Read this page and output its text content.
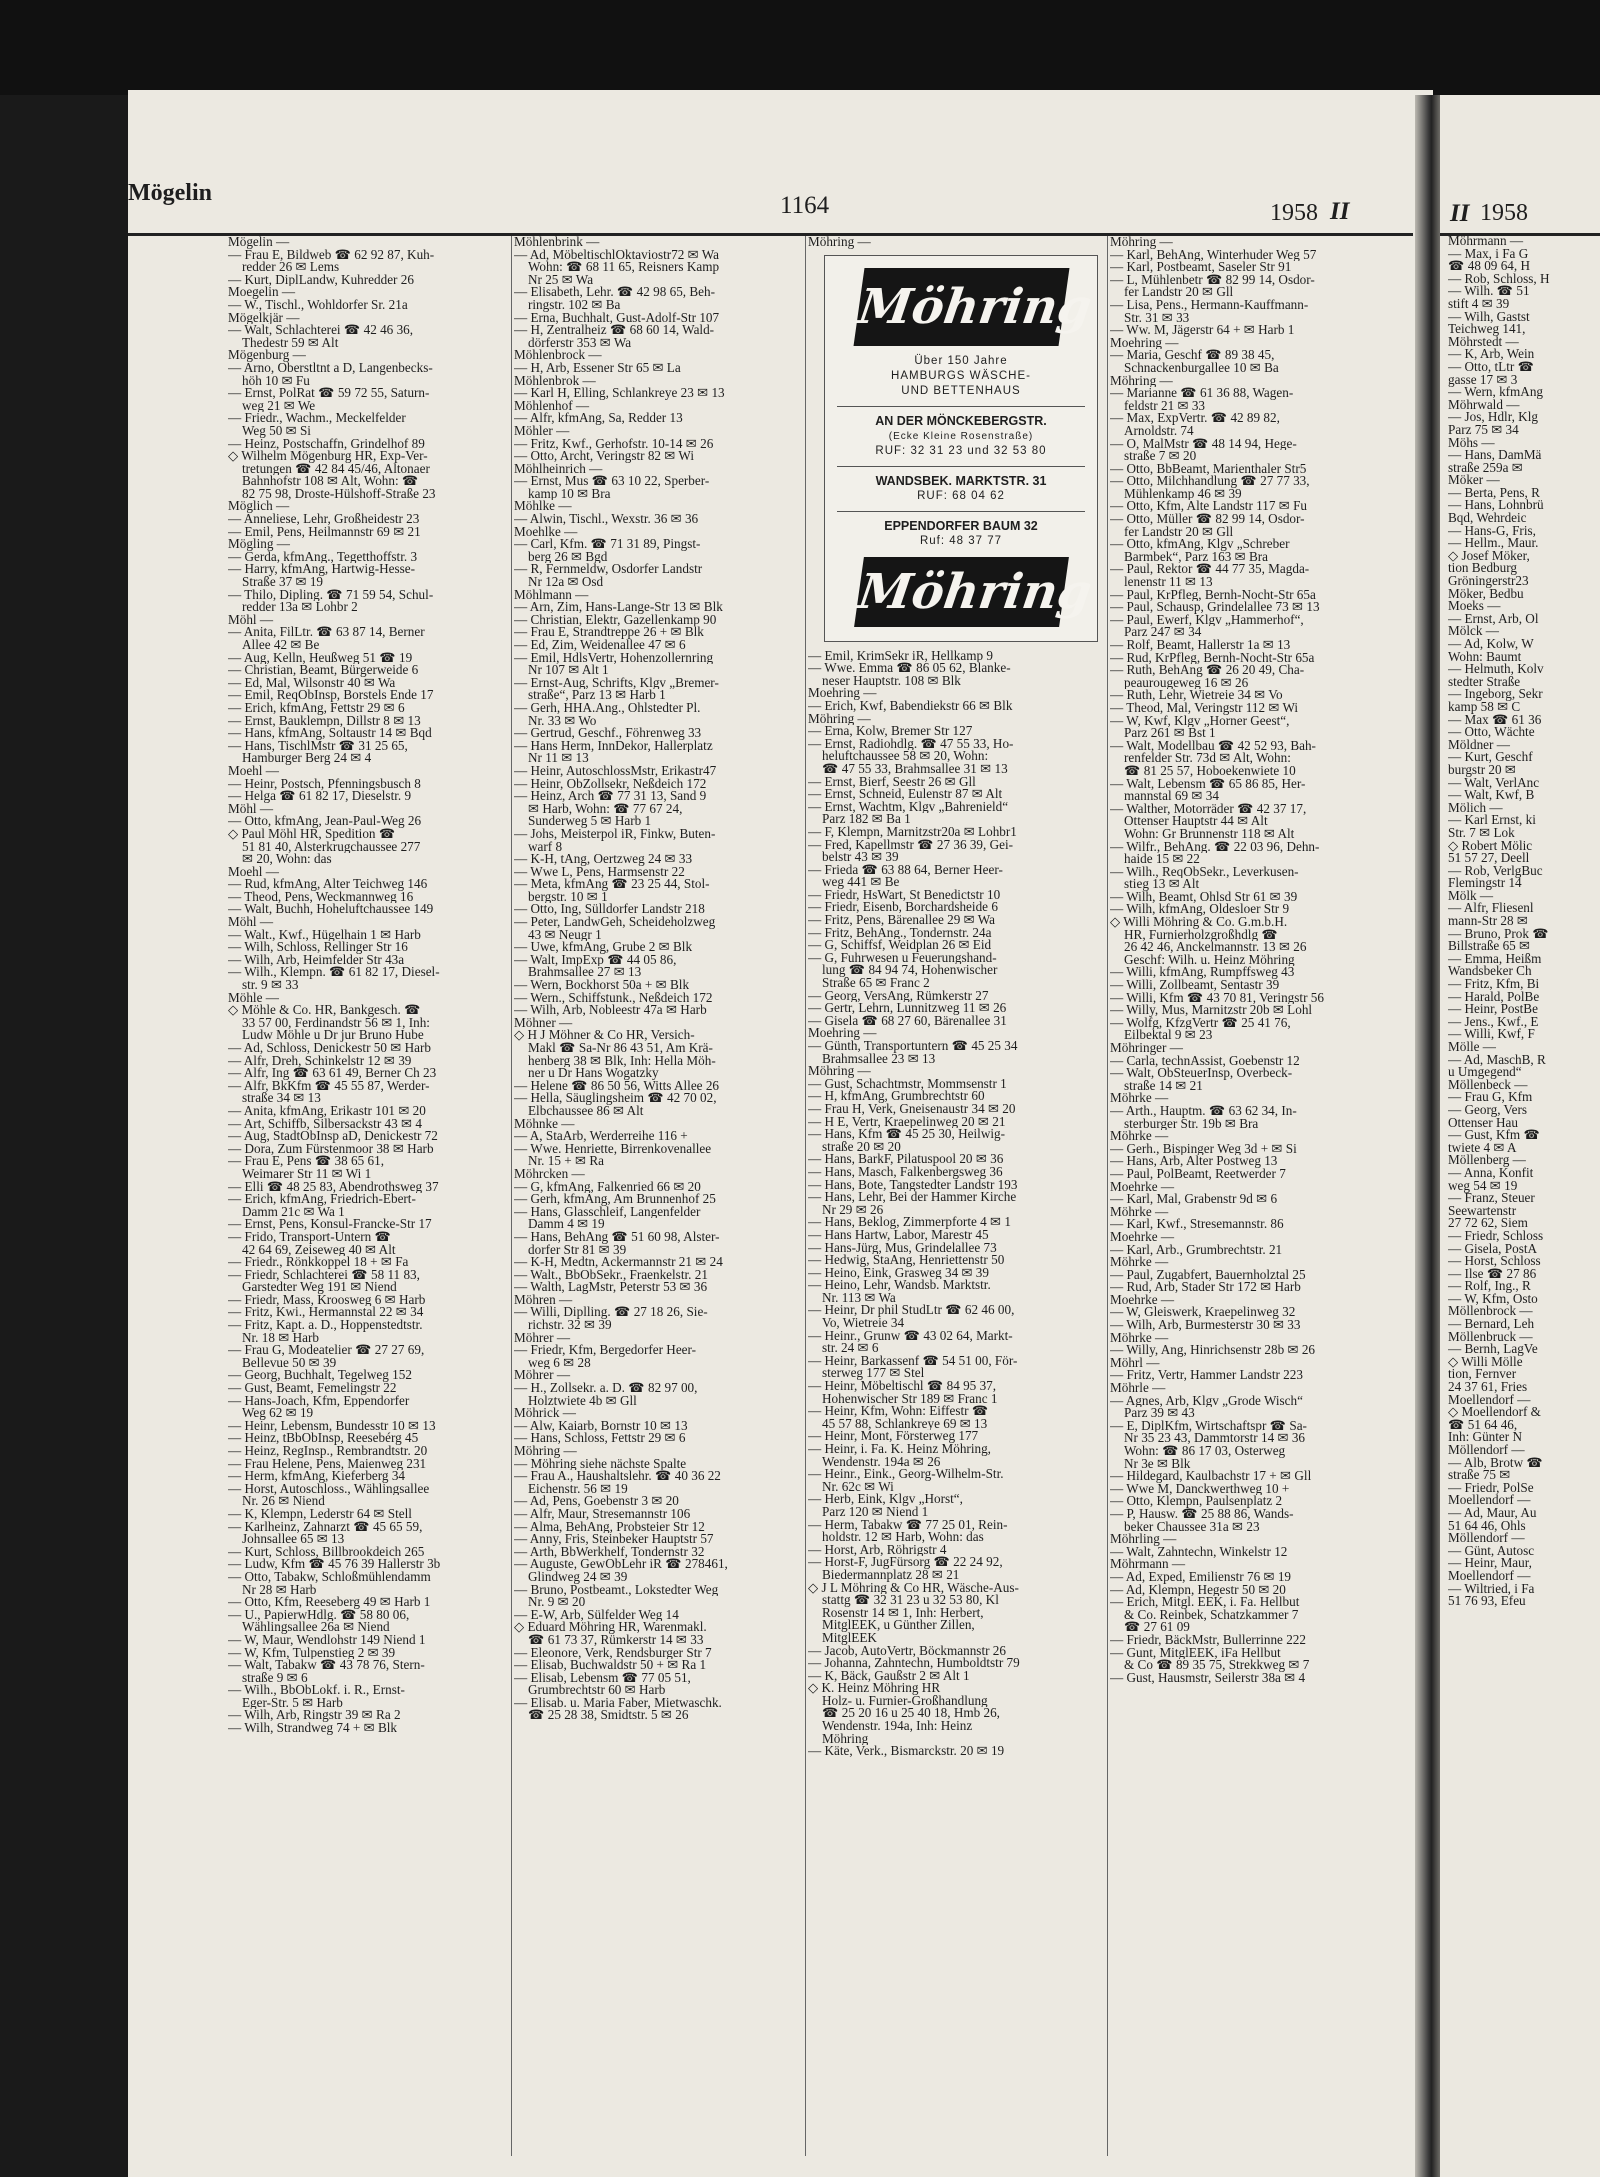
Mögelin	1164	1958 II
Mögelin —
— Frau E, Bildweb ☎ 62 92 87, Kuh-
redder 26 ✉ Lems
— Kurt, DiplLandw, Kuhredder 26
Moegelin —
— W., Tischl., Wohldorfer Sr. 21a
Mögelkjär —
— Walt, Schlachterei ☎ 42 46 36,
Thedestr 59 ✉ Alt
Mögenburg —
— Arno, Oberstltnt a D, Langenbecks-
höh 10 ✉ Fu
— Ernst, PolRat ☎ 59 72 55, Saturn-
weg 21 ✉ We
— Friedr., Wachm., Meckelfelder
Weg 50 ✉ Si
— Heinz, Postschaffn, Grindelhof 89
◇ Wilhelm Mögenburg HR, Exp-Ver-
tretungen ☎ 42 84 45/46, Altonaer
Bahnhofstr 108 ✉ Alt, Wohn: ☎
82 75 98, Droste-Hülshoff-Straße 23
Möglich —
— Anneliese, Lehr, Großheidestr 23
— Emil, Pens, Heilmannstr 69 ✉ 21
Mögling —
— Gerda, kfmAng., Tegetthoffstr. 3
— Harry, kfmAng, Hartwig-Hesse-
Straße 37 ✉ 19
— Thilo, Dipling. ☎ 71 59 54, Schul-
redder 13a ✉ Lohbr 2
Möhl —
— Anita, FilLtr. ☎ 63 87 14, Berner
Allee 42 ✉ Be
— Aug, Kelln, Heußweg 51 ☎ 19
— Christian, Beamt, Bürgerweide 6
— Ed, Mal, Wilsonstr 40 ✉ Wa
— Emil, ReqObInsp, Borstels Ende 17
— Erich, kfmAng, Fettstr 29 ✉ 6
— Ernst, Bauklempn, Dillstr 8 ✉ 13
— Hans, kfmAng, Soltaustr 14 ✉ Bqd
— Hans, TischlMstr ☎ 31 25 65,
Hamburger Berg 24 ✉ 4
Moehl —
— Heinr, Postsch, Pfenningsbusch 8
— Helga ☎ 61 82 17, Dieselstr. 9
Möhl —
— Otto, kfmAng, Jean-Paul-Weg 26
◇ Paul Möhl HR, Spedition ☎
51 81 40, Alsterkrugchaussee 277
✉ 20, Wohn: das
Moehl —
— Rud, kfmAng, Alter Teichweg 146
— Theod, Pens, Weckmannweg 16
— Walt, Buchh, Hoheluftchaussee 149
Möhl —
— Walt., Kwf., Hügelhain 1 ✉ Harb
— Wilh, Schloss, Rellinger Str 16
— Wilh, Arb, Heimfelder Str 43a
— Wilh., Klempn. ☎ 61 82 17, Diesel-
str. 9 ✉ 33
Möhle —
◇ Möhle & Co. HR, Bankgesch. ☎
33 57 00, Ferdinandstr 56 ✉ 1, Inh:
Ludw Möhle u Dr jur Bruno Hube
— Ad, Schloss, Denickestr 50 ✉ Harb
— Alfr, Dreh, Schinkelstr 12 ✉ 39
— Alfr, Ing ☎ 63 61 49, Berner Ch 23
— Alfr, BkKfm ☎ 45 55 87, Werder-
straße 34 ✉ 13
— Anita, kfmAng, Erikastr 101 ✉ 20
— Art, Schiffb, Silbersackstr 43 ✉ 4
— Aug, StadtObInsp aD, Denickestr 72
— Dora, Zum Fürstenmoor 38 ✉ Harb
— Frau E, Pens ☎ 38 65 61,
Weimarer Str 11 ✉ Wi 1
— Elli ☎ 48 25 83, Abendrothsweg 37
— Erich, kfmAng, Friedrich-Ebert-
Damm 21c ✉ Wa 1
— Ernst, Pens, Konsul-Francke-Str 17
— Frido, Transport-Untern ☎
42 64 69, Zeiseweg 40 ✉ Alt
— Friedr., Rönkkoppel 18 + ✉ Fa
— Friedr, Schlachterei ☎ 58 11 83,
Garstedter Weg 191 ✉ Niend
— Friedr, Mass, Kroosweg 6 ✉ Harb
— Fritz, Kwi., Hermannstal 22 ✉ 34
— Fritz, Kapt. a. D., Hoppenstedtstr.
Nr. 18 ✉ Harb
— Frau G, Modeatelier ☎ 27 27 69,
Bellevue 50 ✉ 39
— Georg, Buchhalt, Tegelweg 152
— Gust, Beamt, Femelingstr 22
— Hans-Joach, Kfm, Eppendorfer
Weg 62 ✉ 19
— Heinr, Lebensm, Bundesstr 10 ✉ 13
— Heinz, tBbObInsp, Reesebérg 45
— Heinz, RegInsp., Rembrandtstr. 20
— Frau Helene, Pens, Maienweg 231
— Herm, kfmAng, Kieferberg 34
— Horst, Autoschloss., Wählingsallee
Nr. 26 ✉ Niend
— K, Klempn, Lederstr 64 ✉ Stell
— Karlheinz, Zahnarzt ☎ 45 65 59,
Johnsallee 65 ✉ 13
— Kurt, Schloss, Billbrookdeich 265
— Ludw, Kfm ☎ 45 76 39 Hallerstr 3b
— Otto, Tabakw, Schloßmühlendamm
Nr 28 ✉ Harb
— Otto, Kfm, Reeseberg 49 ✉ Harb 1
— U., PapierwHdlg. ☎ 58 80 06,
Wählingsallee 26a ✉ Niend
— W, Maur, Wendlohstr 149 Niend 1
— W, Kfm, Tulpenstieg 2 ✉ 39
— Walt, Tabakw ☎ 43 78 76, Stern-
straße 9 ✉ 6
— Wilh., BbObLokf. i. R., Ernst-
Eger-Str. 5 ✉ Harb
— Wilh, Arb, Ringstr 39 ✉ Ra 2
— Wilh, Strandweg 74 + ✉ Blk
Möhlenbrink —
— Ad, MöbeltischlOktaviostr72 ✉ Wa
Wohn: ☎ 68 11 65, Reisners Kamp
Nr 25 ✉ Wa
— Elisabeth, Lehr. ☎ 42 98 65, Beh-
ringstr. 102 ✉ Ba
— Erna, Buchhalt, Gust-Adolf-Str 107
— H, Zentralheiz ☎ 68 60 14, Wald-
dörferstr 353 ✉ Wa
Möhlenbrock —
— H, Arb, Essener Str 65 ✉ La
Möhlenbrok —
— Karl H, Elling, Schlankreye 23 ✉ 13
Möhlenhof —
— Alfr, kfmAng, Sa, Redder 13
Möhler —
— Fritz, Kwf., Gerhofstr. 10-14 ✉ 26
— Otto, Archt, Veringstr 82 ✉ Wi
Möhlheinrich —
— Ernst, Mus ☎ 63 10 22, Sperber-
kamp 10 ✉ Bra
Möhlke —
— Alwin, Tischl., Wexstr. 36 ✉ 36
Moehlke —
— Carl, Kfm. ☎ 71 31 89, Pingst-
berg 26 ✉ Bgd
— R, Fernmeldw, Osdorfer Landstr
Nr 12a ✉ Osd
Möhlmann —
— Arn, Zim, Hans-Lange-Str 13 ✉ Blk
— Christian, Elektr, Gazellenkamp 90
— Frau E, Strandtreppe 26 + ✉ Blk
— Ed, Zim, Weidenallee 47 ✉ 6
— Emil, HdlsVertr, Hohenzollernring
Nr 107 ✉ Alt 1
— Ernst-Aug, Schrifts, Klgv „Bremer-
straße“, Parz 13 ✉ Harb 1
— Gerh, HHA.Ang., Ohlstedter Pl.
Nr. 33 ✉ Wo
— Gertrud, Geschf., Föhrenweg 33
— Hans Herm, InnDekor, Hallerplatz
Nr 11 ✉ 13
— Heinr, AutoschlossMstr, Erikastr47
— Heinr, ObZollsekr, Neßdeich 172
— Heinz, Arch ☎ 77 31 13, Sand 9
✉ Harb, Wohn: ☎ 77 67 24,
Sunderweg 5 ✉ Harb 1
— Johs, Meisterpol iR, Finkw, Buten-
warf 8
— K-H, tAng, Oertzweg 24 ✉ 33
— Wwe L, Pens, Harmsenstr 22
— Meta, kfmAng ☎ 23 25 44, Stol-
bergstr. 10 ✉ 1
— Otto, Ing, Sülldorfer Landstr 218
— Peter, LandwGeh, Scheideholzweg
43 ✉ Neugr 1
— Uwe, kfmAng, Grube 2 ✉ Blk
— Walt, ImpExp ☎ 44 05 86,
Brahmsallee 27 ✉ 13
— Wern, Bockhorst 50a + ✉ Blk
— Wern., Schiffstunk., Neßdeich 172
— Wilh, Arb, Nobleestr 47a ✉ Harb
Möhner —
◇ H J Möhner & Co HR, Versich-
Makl ☎ Sa-Nr 86 43 51, Am Krä-
henberg 38 ✉ Blk, Inh: Hella Möh-
ner u Dr Hans Wogatzky
— Helene ☎ 86 50 56, Witts Allee 26
— Hella, Säuglingsheim ☎ 42 70 02,
Elbchaussee 86 ✉ Alt
Möhnke —
— A, StaArb, Werderreihe 116 +
— Wwe. Henriette, Birrenkovenallee
Nr. 15 + ✉ Ra
Möhrcken —
— G, kfmAng, Falkenried 66 ✉ 20
— Gerh, kfmAng, Am Brunnenhof 25
— Hans, Glasschleif, Langenfelder
Damm 4 ✉ 19
— Hans, BehAng ☎ 51 60 98, Alster-
dorfer Str 81 ✉ 39
— K-H, Medtn, Ackermannstr 21 ✉ 24
— Walt., BbObSekr., Fraenkelstr. 21
— Walth, LagMstr, Peterstr 53 ✉ 36
Möhren —
— Willi, Diplling. ☎ 27 18 26, Sie-
richstr. 32 ✉ 39
Möhrer —
— Friedr, Kfm, Bergedorfer Heer-
weg 6 ✉ 28
Möhrer —
— H., Zollsekr. a. D. ☎ 82 97 00,
Holztwiete 4b ✉ Gll
Möhrick —
— Alw, Kaiarb, Bornstr 10 ✉ 13
— Hans, Schloss, Fettstr 29 ✉ 6
Möhring —
— Möhring siehe nächste Spalte
— Frau A., Haushaltslehr. ☎ 40 36 22
Eichenstr. 56 ✉ 19
— Ad, Pens, Goebenstr 3 ✉ 20
— Alfr, Maur, Stresemannstr 106
— Alma, BehAng, Probsteier Str 12
— Anny, Fris, Steinbeker Hauptstr 57
— Arth, BbWerkhelf, Tondernstr 32
— Auguste, GewObLehr iR ☎ 278461,
Glindweg 24 ✉ 39
— Bruno, Postbeamt., Lokstedter Weg
Nr. 9 ✉ 20
— E-W, Arb, Sülfelder Weg 14
◇ Eduard Möhring HR, Warenmakl.
☎ 61 73 37, Rümkerstr 14 ✉ 33
— Eleonore, Verk, Rendsburger Str 7
— Elisab, Buchwaldstr 50 + ✉ Ra 1
— Elisab, Lebensm ☎ 77 05 51,
Grumbrechtstr 60 ✉ Harb
— Elisab. u. Maria Faber, Mietwaschk.
☎ 25 28 38, Smidtstr. 5 ✉ 26
Möhring —
Möhring
Über 150 Jahre
HAMBURGS WÄSCHE-
UND BETTENHAUS
AN DER MÖNCKEBERGSTR.
(Ecke Kleine Rosenstraße)
RUF: 32 31 23 und 32 53 80
WANDSBEK. MARKTSTR. 31
RUF: 68 04 62
EPPENDORFER BAUM 32
Ruf: 48 37 77
Möhring
— Emil, KrimSekr iR, Hellkamp 9
— Wwe. Emma ☎ 86 05 62, Blanke-
neser Hauptstr. 108 ✉ Blk
Moehring —
— Erich, Kwf, Babendiekstr 66 ✉ Blk
Möhring —
— Erna, Kolw, Bremer Str 127
— Ernst, Radiohdlg. ☎ 47 55 33, Ho-
heluftchaussee 58 ✉ 20, Wohn:
☎ 47 55 33, Brahmsallee 31 ✉ 13
— Ernst, Bierf, Seestr 26 ✉ Gll
— Ernst, Schneid, Eulenstr 87 ✉ Alt
— Ernst, Wachtm, Klgv „Bahrenield“
Parz 182 ✉ Ba 1
— F, Klempn, Marnitzstr20a ✉ Lohbr1
— Fred, Kapellmstr ☎ 27 36 39, Gei-
belstr 43 ✉ 39
— Frieda ☎ 63 88 64, Berner Heer-
weg 441 ✉ Be
— Friedr, HsWart, St Benedictstr 10
— Friedr, Eisenb, Borchardsheide 6
— Fritz, Pens, Bärenallee 29 ✉ Wa
— Fritz, BehAng., Tondernstr. 24a
— G, Schiffsf, Weidplan 26 ✉ Eid
— G, Fuhrwesen u Feuerungshand-
lung ☎ 84 94 74, Hohenwischer
Straße 65 ✉ Franc 2
— Georg, VersAng, Rümkerstr 27
— Gertr, Lehrn, Lunnitzweg 11 ✉ 26
— Gisela ☎ 68 27 60, Bärenallee 31
Moehring —
— Günth, Transportuntern ☎ 45 25 34
Brahmsallee 23 ✉ 13
Möhring —
— Gust, Schachtmstr, Mommsenstr 1
— H, kfmAng, Grumbrechtstr 60
— Frau H, Verk, Gneisenaustr 34 ✉ 20
— H E, Vertr, Kraepelinweg 20 ✉ 21
— Hans, Kfm ☎ 45 25 30, Heilwig-
straße 20 ✉ 20
— Hans, BarkF, Pilatuspool 20 ✉ 36
— Hans, Masch, Falkenbergsweg 36
— Hans, Bote, Tangstedter Landstr 193
— Hans, Lehr, Bei der Hammer Kirche
Nr 29 ✉ 26
— Hans, Beklog, Zimmerpforte 4 ✉ 1
— Hans Hartw, Labor, Marestr 45
— Hans-Jürg, Mus, Grindelallee 73
— Hedwig, StaAng, Henriettenstr 50
— Heino, Eink, Grasweg 34 ✉ 39
— Heino, Lehr, Wandsb. Marktstr.
Nr. 113 ✉ Wa
— Heinr, Dr phil StudLtr ☎ 62 46 00,
Vo, Wietreie 34
— Heinr., Grunw ☎ 43 02 64, Markt-
str. 24 ✉ 6
— Heinr, Barkassenf ☎ 54 51 00, För-
sterweg 177 ✉ Stel
— Heinr, Möbeltischl ☎ 84 95 37,
Hohenwischer Str 189 ✉ Franc 1
— Heinr, Kfm, Wohn: Eiffestr ☎
45 57 88, Schlankreye 69 ✉ 13
— Heinr, Mont, Försterweg 177
— Heinr, i. Fa. K. Heinz Möhring,
Wendenstr. 194a ✉ 26
— Heinr., Eink., Georg-Wilhelm-Str.
Nr. 62c ✉ Wi
— Herb, Eink, Klgv „Horst“,
Parz 120 ✉ Niend 1
— Herm, Tabakw ☎ 77 25 01, Rein-
holdstr. 12 ✉ Harb, Wohn: das
— Horst, Arb, Röhrigstr 4
— Horst-F, JugFürsorg ☎ 22 24 92,
Biedermannplatz 28 ✉ 21
◇ J L Möhring & Co HR, Wäsche-Aus-
stattg ☎ 32 31 23 u 32 53 80, Kl
Rosenstr 14 ✉ 1, Inh: Herbert,
MitglEEK, u Günther Zillen,
MitglEEK
— Jacob, AutoVertr, Böckmannstr 26
— Johanna, Zahntechn, Humboldtstr 79
— K, Bäck, Gaußstr 2 ✉ Alt 1
◇ K. Heinz Möhring HR
Holz- u. Furnier-Großhandlung
☎ 25 20 16 u 25 40 18, Hmb 26,
Wendenstr. 194a, Inh: Heinz
Möhring
— Käte, Verk., Bismarckstr. 20 ✉ 19
Möhring —
— Karl, BehAng, Winterhuder Weg 57
— Karl, Postbeamt, Saseler Str 91
— L, Mühlenbetr ☎ 82 99 14, Osdor-
fer Landstr 20 ✉ Gll
— Lisa, Pens., Hermann-Kauffmann-
Str. 31 ✉ 33
— Ww. M, Jägerstr 64 + ✉ Harb 1
Moehring —
— Maria, Geschf ☎ 89 38 45,
Schnackenburgallee 10 ✉ Ba
Möhring —
— Marianne ☎ 61 36 88, Wagen-
feldstr 21 ✉ 33
— Max, ExpVertr. ☎ 42 89 82,
Arnoldstr. 74
— O, MalMstr ☎ 48 14 94, Hege-
straße 7 ✉ 20
— Otto, BbBeamt, Marienthaler Str5
— Otto, Milchhandlung ☎ 27 77 33,
Mühlenkamp 46 ✉ 39
— Otto, Kfm, Alte Landstr 117 ✉ Fu
— Otto, Müller ☎ 82 99 14, Osdor-
fer Landstr 20 ✉ Gll
— Otto, kfmAng, Klgv „Schreber
Barmbek“, Parz 163 ✉ Bra
— Paul, Rektor ☎ 44 77 35, Magda-
lenenstr 11 ✉ 13
— Paul, KrPfleg, Bernh-Nocht-Str 65a
— Paul, Schausp, Grindelallee 73 ✉ 13
— Paul, Ewerf, Klgv „Hammerhof“,
Parz 247 ✉ 34
— Rolf, Beamt, Hallerstr 1a ✉ 13
— Rud, KrPfleg, Bernh-Nocht-Str 65a
— Ruth, BehAng ☎ 26 20 49, Cha-
peaurougeweg 16 ✉ 26
— Ruth, Lehr, Wietreie 34 ✉ Vo
— Theod, Mal, Veringstr 112 ✉ Wi
— W, Kwf, Klgv „Horner Geest“,
Parz 261 ✉ Bst 1
— Walt, Modellbau ☎ 42 52 93, Bah-
renfelder Str. 73d ✉ Alt, Wohn:
☎ 81 25 57, Hoboekenwiete 10
— Walt, Lebensm ☎ 65 86 85, Her-
mannstal 69 ✉ 34
— Walther, Motorräder ☎ 42 37 17,
Ottenser Hauptstr 44 ✉ Alt
Wohn: Gr Brunnenstr 118 ✉ Alt
— Wilfr., BehAng. ☎ 22 03 96, Dehn-
haide 15 ✉ 22
— Wilh., ReqObSekr., Leverkusen-
stieg 13 ✉ Alt
— Wilh, Beamt, Ohlsd Str 61 ✉ 39
— Wilh, kfmAng, Oldesloer Str 9
◇ Willi Möhring & Co. G.m.b.H.
HR, Furnierholzgroßhdlg ☎
26 42 46, Anckelmannstr. 13 ✉ 26
Geschf: Wilh. u. Heinz Möhring
— Willi, kfmAng, Rumpffsweg 43
— Willi, Zollbeamt, Sentastr 39
— Willi, Kfm ☎ 43 70 81, Veringstr 56
— Willy, Mus, Marnitzstr 20b ✉ Lohl
— Wolfg, KfzgVertr ☎ 25 41 76,
Eilbektal 9 ✉ 23
Möhringer —
— Carla, technAssist, Goebenstr 12
— Walt, ObSteuerInsp, Overbeck-
straße 14 ✉ 21
Möhrke —
— Arth., Hauptm. ☎ 63 62 34, In-
sterburger Str. 19b ✉ Bra
Möhrke —
— Gerh., Bispinger Weg 3d + ✉ Si
— Hans, Arb, Alter Postweg 13
— Paul, PolBeamt, Reetwerder 7
Moehrke —
— Karl, Mal, Grabenstr 9d ✉ 6
Möhrke —
— Karl, Kwf., Stresemannstr. 86
Moehrke —
— Karl, Arb., Grumbrechtstr. 21
Möhrke —
— Paul, Zugabfert, Bauernholztal 25
— Rud, Arb, Stader Str 172 ✉ Harb
Moehrke —
— W, Gleiswerk, Kraepelinweg 32
— Wilh, Arb, Burmesterstr 30 ✉ 33
Möhrke —
— Willy, Ang, Hinrichsenstr 28b ✉ 26
Möhrl —
— Fritz, Vertr, Hammer Landstr 223
Möhrle —
— Agnes, Arb, Klgv „Grode Wisch“
Parz 39 ✉ 43
— E, DiplKfm, Wirtschaftspr ☎ Sa-
Nr 35 23 43, Dammtorstr 14 ✉ 36
Wohn: ☎ 86 17 03, Osterweg
Nr 3e ✉ Blk
— Hildegard, Kaulbachstr 17 + ✉ Gll
— Wwe M, Danckwerthweg 10 +
— Otto, Klempn, Paulsenplatz 2
— P, Hausw. ☎ 25 88 86, Wands-
beker Chaussee 31a ✉ 23
Möhrling —
— Walt, Zahntechn, Winkelstr 12
Möhrmann —
— Ad, Exped, Emilienstr 76 ✉ 19
— Ad, Klempn, Hegestr 50 ✉ 20
— Erich, Mitgl. EEK, i. Fa. Hellbut
& Co. Reinbek, Schatzkammer 7
☎ 27 61 09
— Friedr, BäckMstr, Bullerrinne 222
— Gunt, MitglEEK, iFa Hellbut
& Co ☎ 89 35 75, Strekkweg ✉ 7
— Gust, Hausmstr, Seilerstr 38a ✉ 4
II 1958
Möhrmann —
— Max, i Fa G
☎ 48 09 64, H
— Rob, Schloss, H
— Wilh. ☎ 51
stift 4 ✉ 39
— Wilh, Gastst
Teichweg 141,
Möhrstedt —
— K, Arb, Wein
— Otto, tLtr ☎
gasse 17 ✉ 3
— Wern, kfmAng
Möhrwald —
— Jos, Hdlr, Klg
Parz 75 ✉ 34
Möhs —
— Hans, DamMä
straße 259a ✉
Möker —
— Berta, Pens, R
— Hans, Lohnbrü
Bqd, Wehrdeic
— Hans-G, Fris,
— Hellm., Maur.
◇ Josef Möker,
tion Bedburg
Gröningerstr23
Möker, Bedbu
Moeks —
— Ernst, Arb, Ol
Mölck —
— Ad, Kolw, W
Wohn: Baumt
— Helmuth, Kolv
stedter Straße
— Ingeborg, Sekr
kamp 58 ✉ C
— Max ☎ 61 36
— Otto, Wächte
Möldner —
— Kurt, Geschf
burgstr 20 ✉
— Walt, VerlAnc
— Walt, Kwf, B
Mölich —
— Karl Ernst, ki
Str. 7 ✉ Lok
◇ Robert Mölic
51 57 27, Deell
— Rob, VerlgBuc
Flemingstr 14
Mölk —
— Alfr, Fliesenl
mann-Str 28 ✉
— Bruno, Prok ☎
Billstraße 65 ✉
— Emma, Heißm
Wandsbeker Ch
— Fritz, Kfm, Bi
— Harald, PolBe
— Heinr, PostBe
— Jens., Kwf., E
— Willi, Kwf, F
Mölle —
— Ad, MaschB, R
u Umgegend“
Möllenbeck —
— Frau G, Kfm
— Georg, Vers
Ottenser Hau
— Gust, Kfm ☎
twiete 4 ✉ A
Möllenberg —
— Anna, Konfit
weg 54 ✉ 19
— Franz, Steuer
Seewartenstr
27 72 62, Siem
— Friedr, Schloss
— Gisela, PostA
— Horst, Schloss
— Ilse ☎ 27 86
— Rolf, Ing., R
— W, Kfm, Osto
Möllenbrock —
— Bernard, Leh
Möllenbruck —
— Bernh, LagVe
◇ Willi Mölle
tion, Fernver
24 37 61, Fries
Moellendorf —
◇ Moellendorf &
☎ 51 64 46,
Inh: Günter N
Möllendorf —
— Alb, Brotw ☎
straße 75 ✉
— Friedr, PolSe
Moellendorf —
— Ad, Maur, Au
51 64 46, Ohls
Möllendorf —
— Günt, Autosc
— Heinr, Maur,
Moellendorf —
— Wiltried, i Fa
51 76 93, Efeu
